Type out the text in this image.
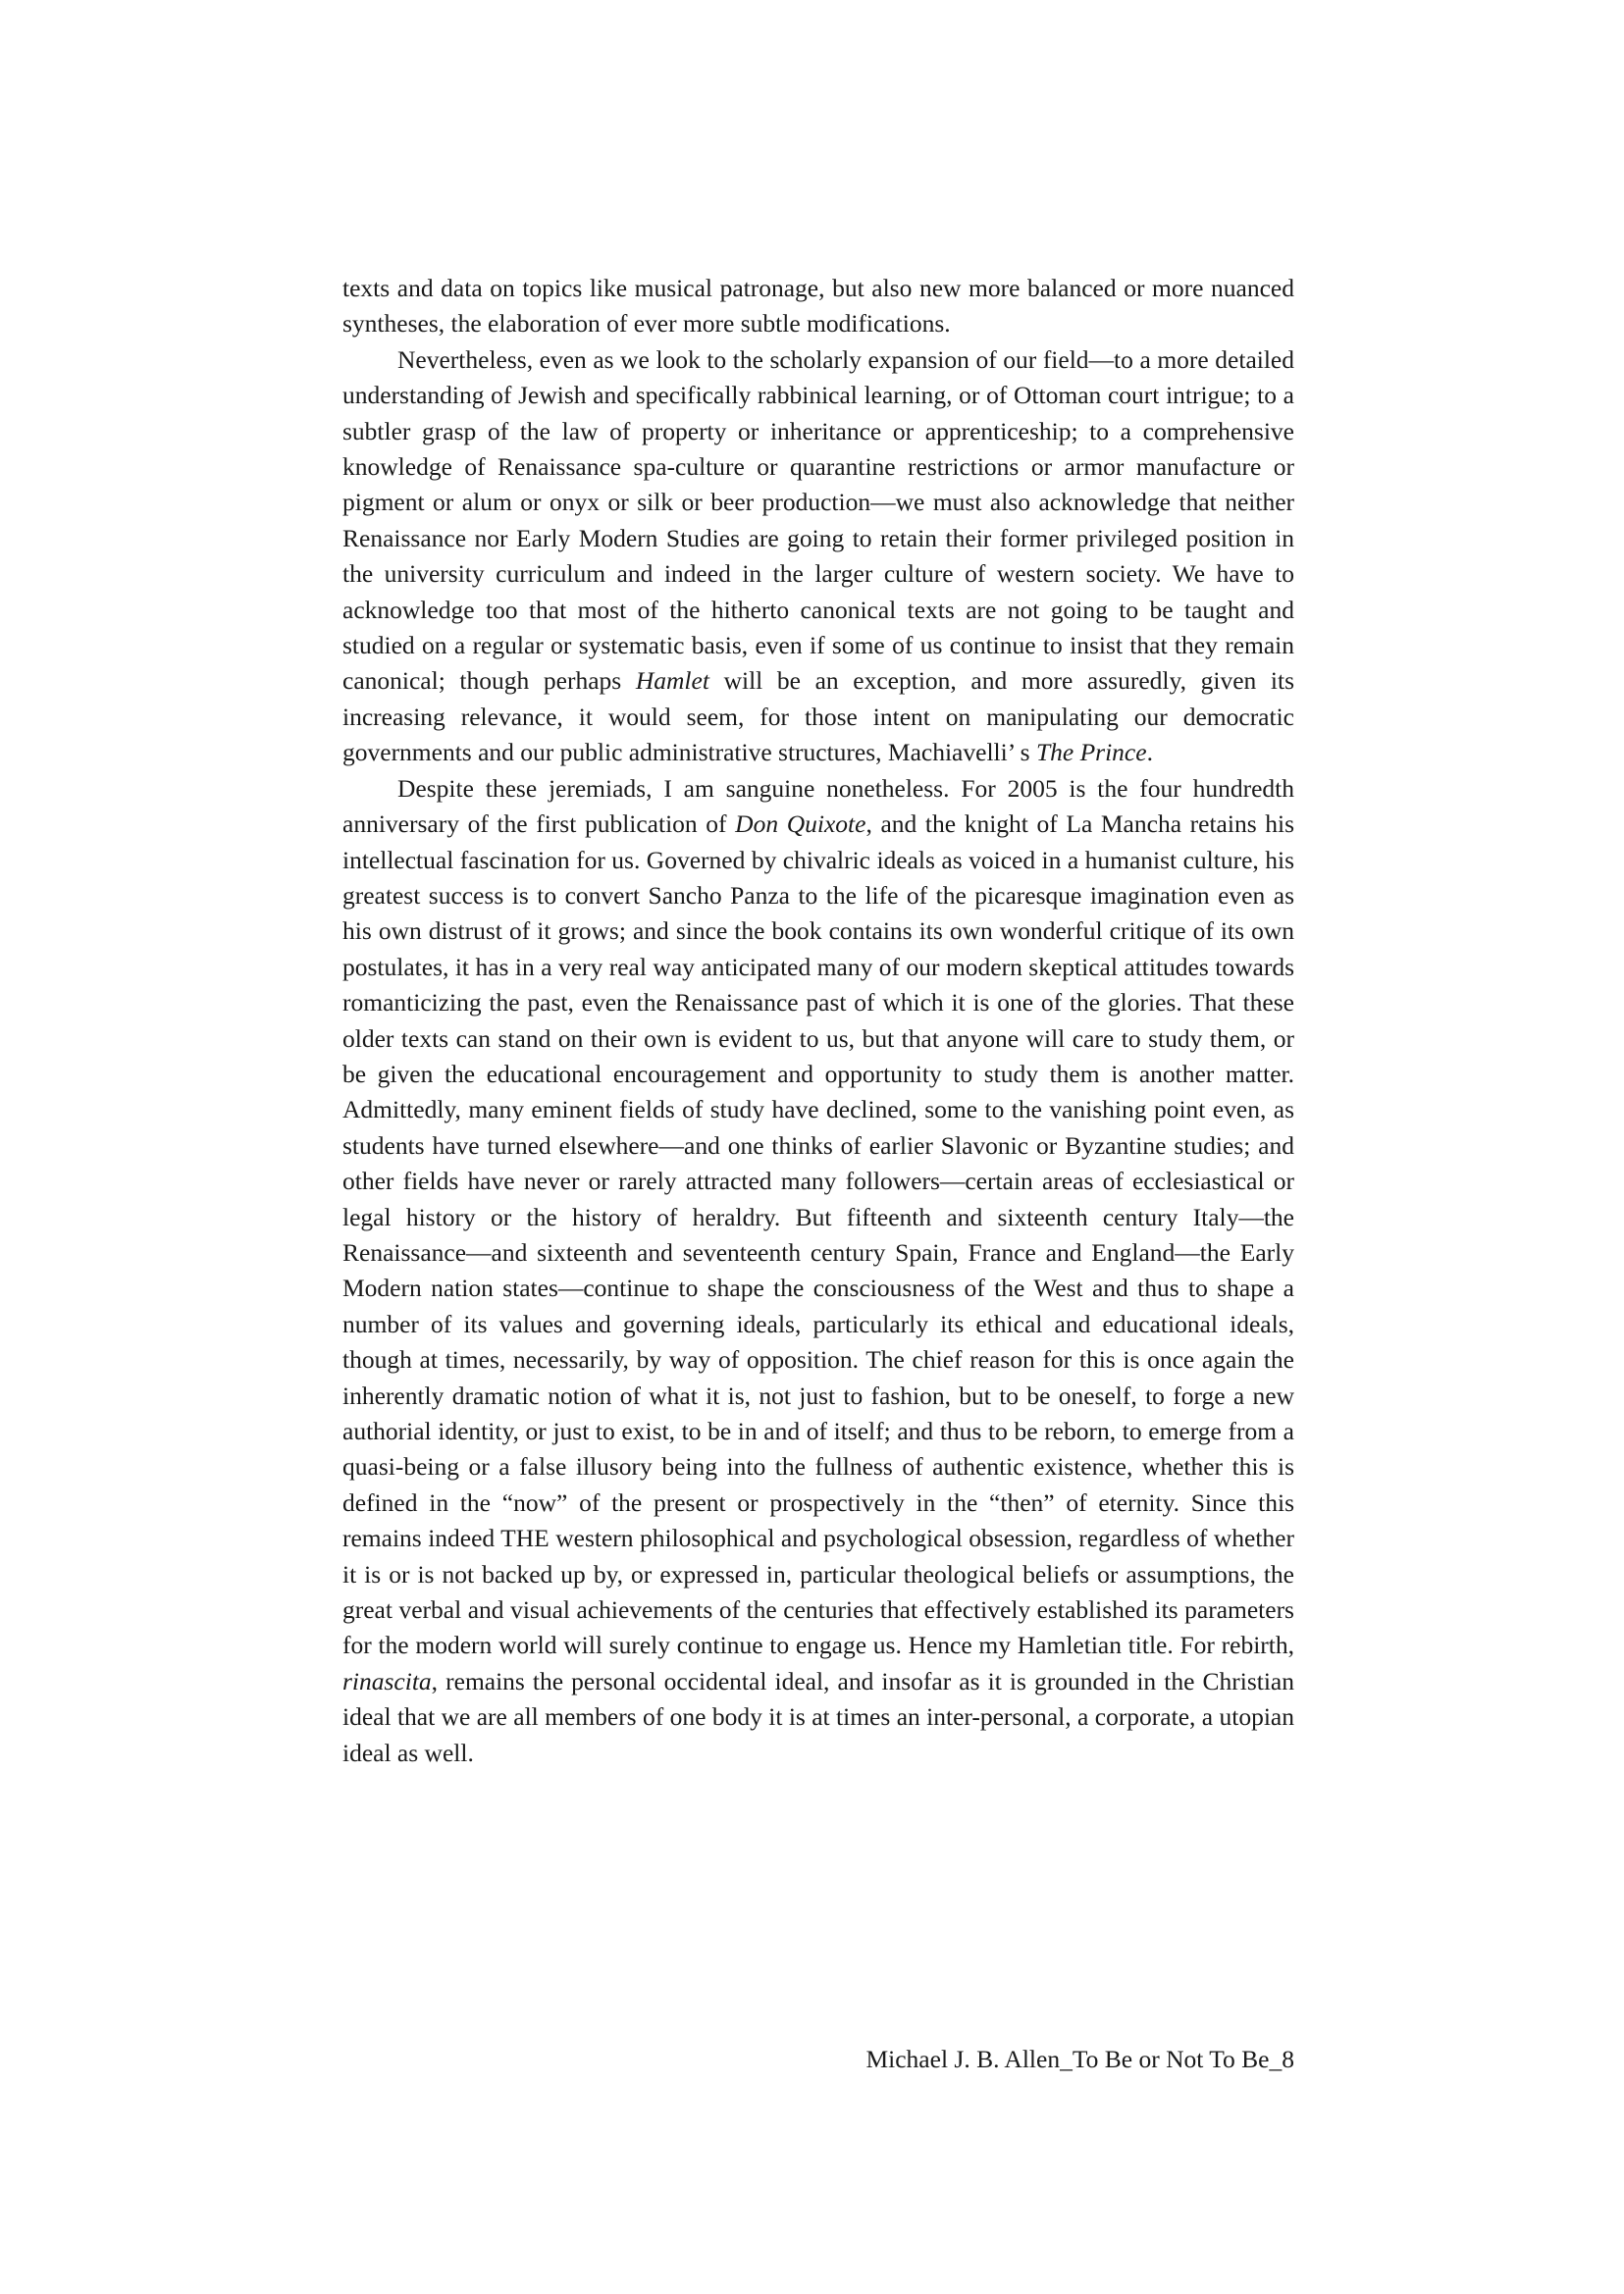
texts and data on topics like musical patronage, but also new more balanced or more nuanced syntheses, the elaboration of ever more subtle modifications.

Nevertheless, even as we look to the scholarly expansion of our field—to a more detailed understanding of Jewish and specifically rabbinical learning, or of Ottoman court intrigue; to a subtler grasp of the law of property or inheritance or apprenticeship; to a comprehensive knowledge of Renaissance spa-culture or quarantine restrictions or armor manufacture or pigment or alum or onyx or silk or beer production—we must also acknowledge that neither Renaissance nor Early Modern Studies are going to retain their former privileged position in the university curriculum and indeed in the larger culture of western society. We have to acknowledge too that most of the hitherto canonical texts are not going to be taught and studied on a regular or systematic basis, even if some of us continue to insist that they remain canonical; though perhaps Hamlet will be an exception, and more assuredly, given its increasing relevance, it would seem, for those intent on manipulating our democratic governments and our public administrative structures, Machiavelli’ s The Prince.

Despite these jeremiads, I am sanguine nonetheless. For 2005 is the four hundredth anniversary of the first publication of Don Quixote, and the knight of La Mancha retains his intellectual fascination for us. Governed by chivalric ideals as voiced in a humanist culture, his greatest success is to convert Sancho Panza to the life of the picaresque imagination even as his own distrust of it grows; and since the book contains its own wonderful critique of its own postulates, it has in a very real way anticipated many of our modern skeptical attitudes towards romanticizing the past, even the Renaissance past of which it is one of the glories. That these older texts can stand on their own is evident to us, but that anyone will care to study them, or be given the educational encouragement and opportunity to study them is another matter. Admittedly, many eminent fields of study have declined, some to the vanishing point even, as students have turned elsewhere—and one thinks of earlier Slavonic or Byzantine studies; and other fields have never or rarely attracted many followers—certain areas of ecclesiastical or legal history or the history of heraldry. But fifteenth and sixteenth century Italy—the Renaissance—and sixteenth and seventeenth century Spain, France and England—the Early Modern nation states—continue to shape the consciousness of the West and thus to shape a number of its values and governing ideals, particularly its ethical and educational ideals, though at times, necessarily, by way of opposition. The chief reason for this is once again the inherently dramatic notion of what it is, not just to fashion, but to be oneself, to forge a new authorial identity, or just to exist, to be in and of itself; and thus to be reborn, to emerge from a quasi-being or a false illusory being into the fullness of authentic existence, whether this is defined in the “now” of the present or prospectively in the “then” of eternity. Since this remains indeed THE western philosophical and psychological obsession, regardless of whether it is or is not backed up by, or expressed in, particular theological beliefs or assumptions, the great verbal and visual achievements of the centuries that effectively established its parameters for the modern world will surely continue to engage us. Hence my Hamletian title. For rebirth, rinascita, remains the personal occidental ideal, and insofar as it is grounded in the Christian ideal that we are all members of one body it is at times an inter-personal, a corporate, a utopian ideal as well.

Michael J. B. Allen_To Be or Not To Be_8
